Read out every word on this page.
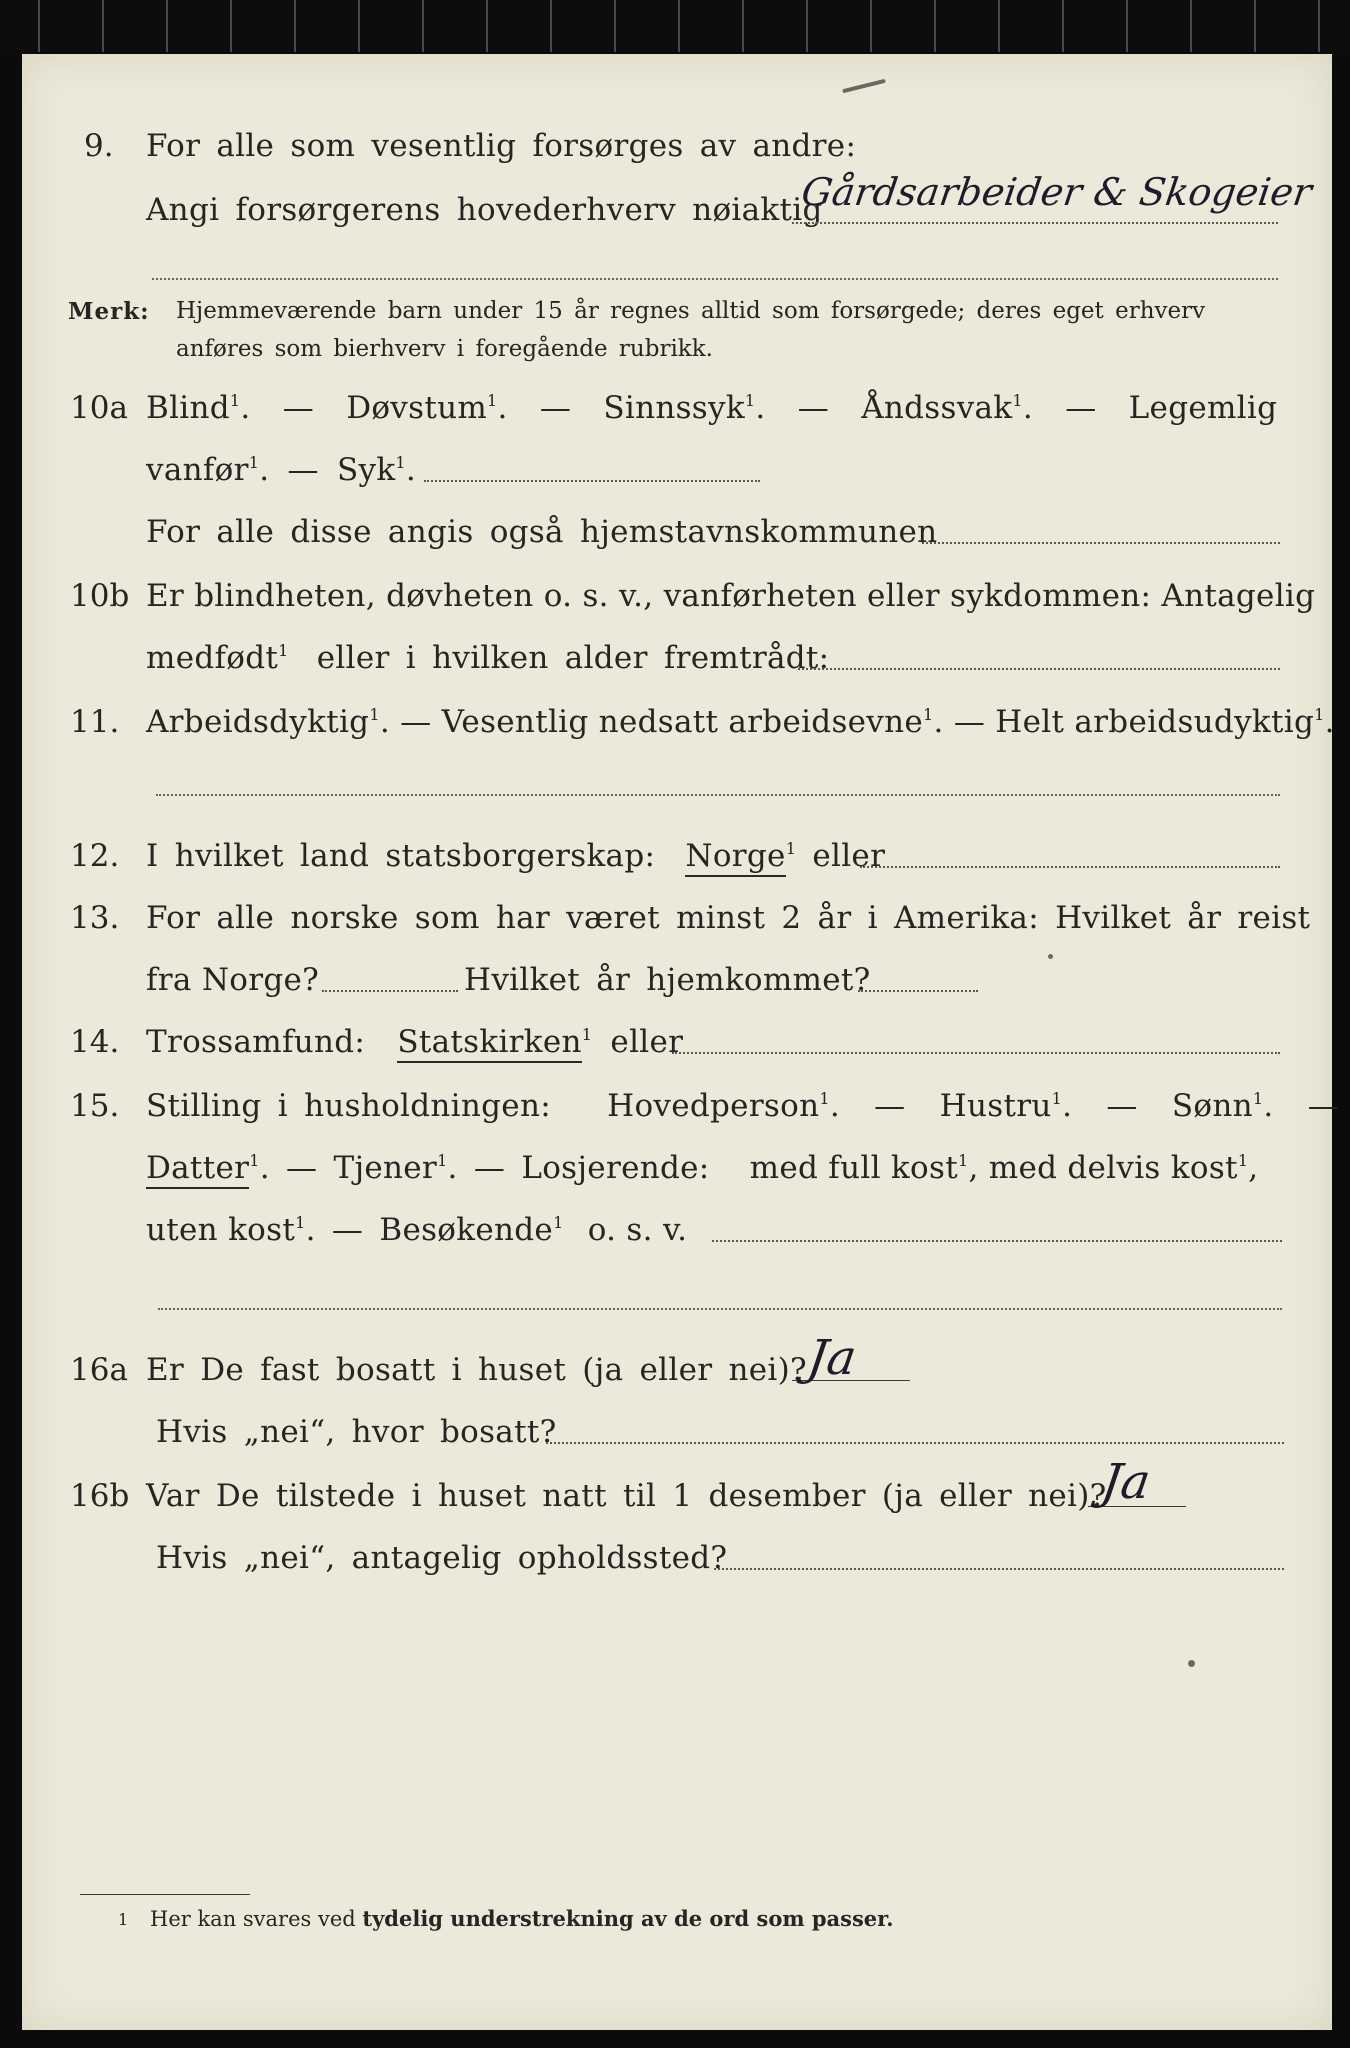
9. For alle som vesentlig forsørges av andre:
Angi forsørgerens hovederhverv nøiaktig
Gårdsarbeider & Skogeier
Merk: Hjemmeværende barn under 15 år regnes alltid som forsørgede; deres eget erhverv
anføres som bierhverv i foregående rubrikk.
10a Blind$^1$. — Døvstum$^1$. — Sinnssyk$^1$. — Åndssvak$^1$. — Legemlig
vanfør$^1$. — Syk$^1$.
For alle disse angis også hjemstavnskommunen
10b Er blindheten, døvheten o. s. v., vanførheten eller sykdommen: Antagelig
medfødt$^1$ eller i hvilken alder fremtrådt:
11. Arbeidsdyktig$^1$. — Vesentlig nedsatt arbeidsevne$^1$. — Helt arbeidsudyktig$^1$.
12. I hvilket land statsborgerskap: Norge$^1$ eller
13. For alle norske som har været minst 2 år i Amerika: Hvilket år reist
fra Norge?	Hvilket år hjemkommet?
14. Trossamfund: Statskirken$^1$ eller
15. Stilling i husholdningen: Hovedperson$^1$. — Hustru$^1$. — Sønn$^1$. —
Datter$^1$. — Tjener$^1$. — Losjerende: med full kost$^1$, med delvis kost$^1$,
uten kost$^1$. — Besøkende$^1$ o. s. v.
16a Er De fast bosatt i huset (ja eller nei)?
Ja
Hvis „nei“, hvor bosatt?
16b Var De tilstede i huset natt til 1 desember (ja eller nei)?
Ja
Hvis „nei“, antagelig opholdssted?
1 Her kan svares ved tydelig understrekning av de ord som passer.
